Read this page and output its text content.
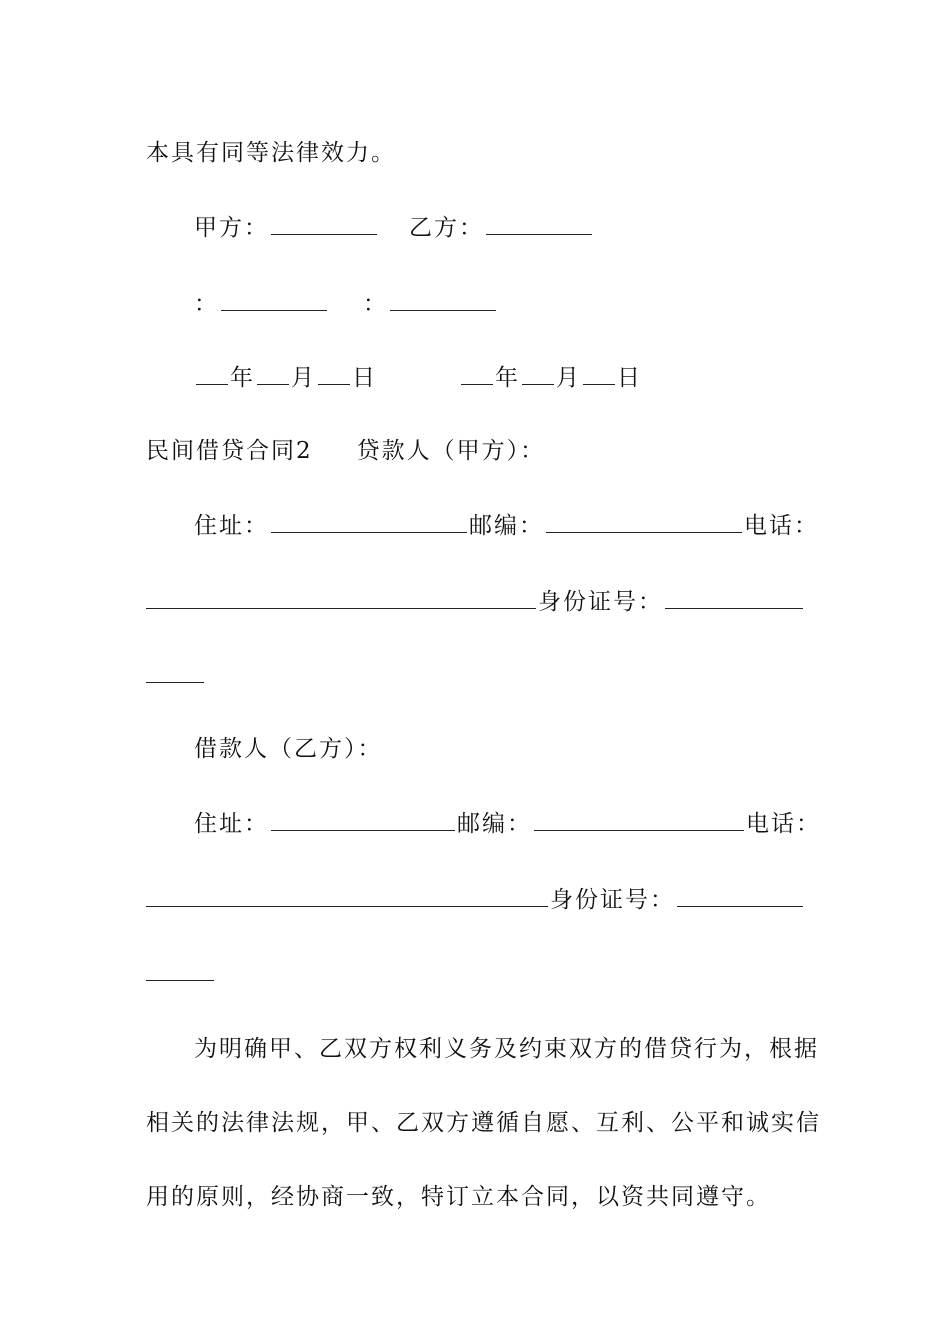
本具有同等法律效力。
甲方：	乙方：
：	：
年 月 日	年 月 日
民间借贷合同2 贷款人（甲方）：
住址：	邮编：	电话：
身份证号：
借款人（乙方）：
住址：	邮编：	电话：
身份证号：
为明确甲、乙双方权利义务及约束双方的借贷行为，根据
相关的法律法规，甲、乙双方遵循自愿、互利、公平和诚实信
用的原则，经协商一致，特订立本合同，以资共同遵守。
